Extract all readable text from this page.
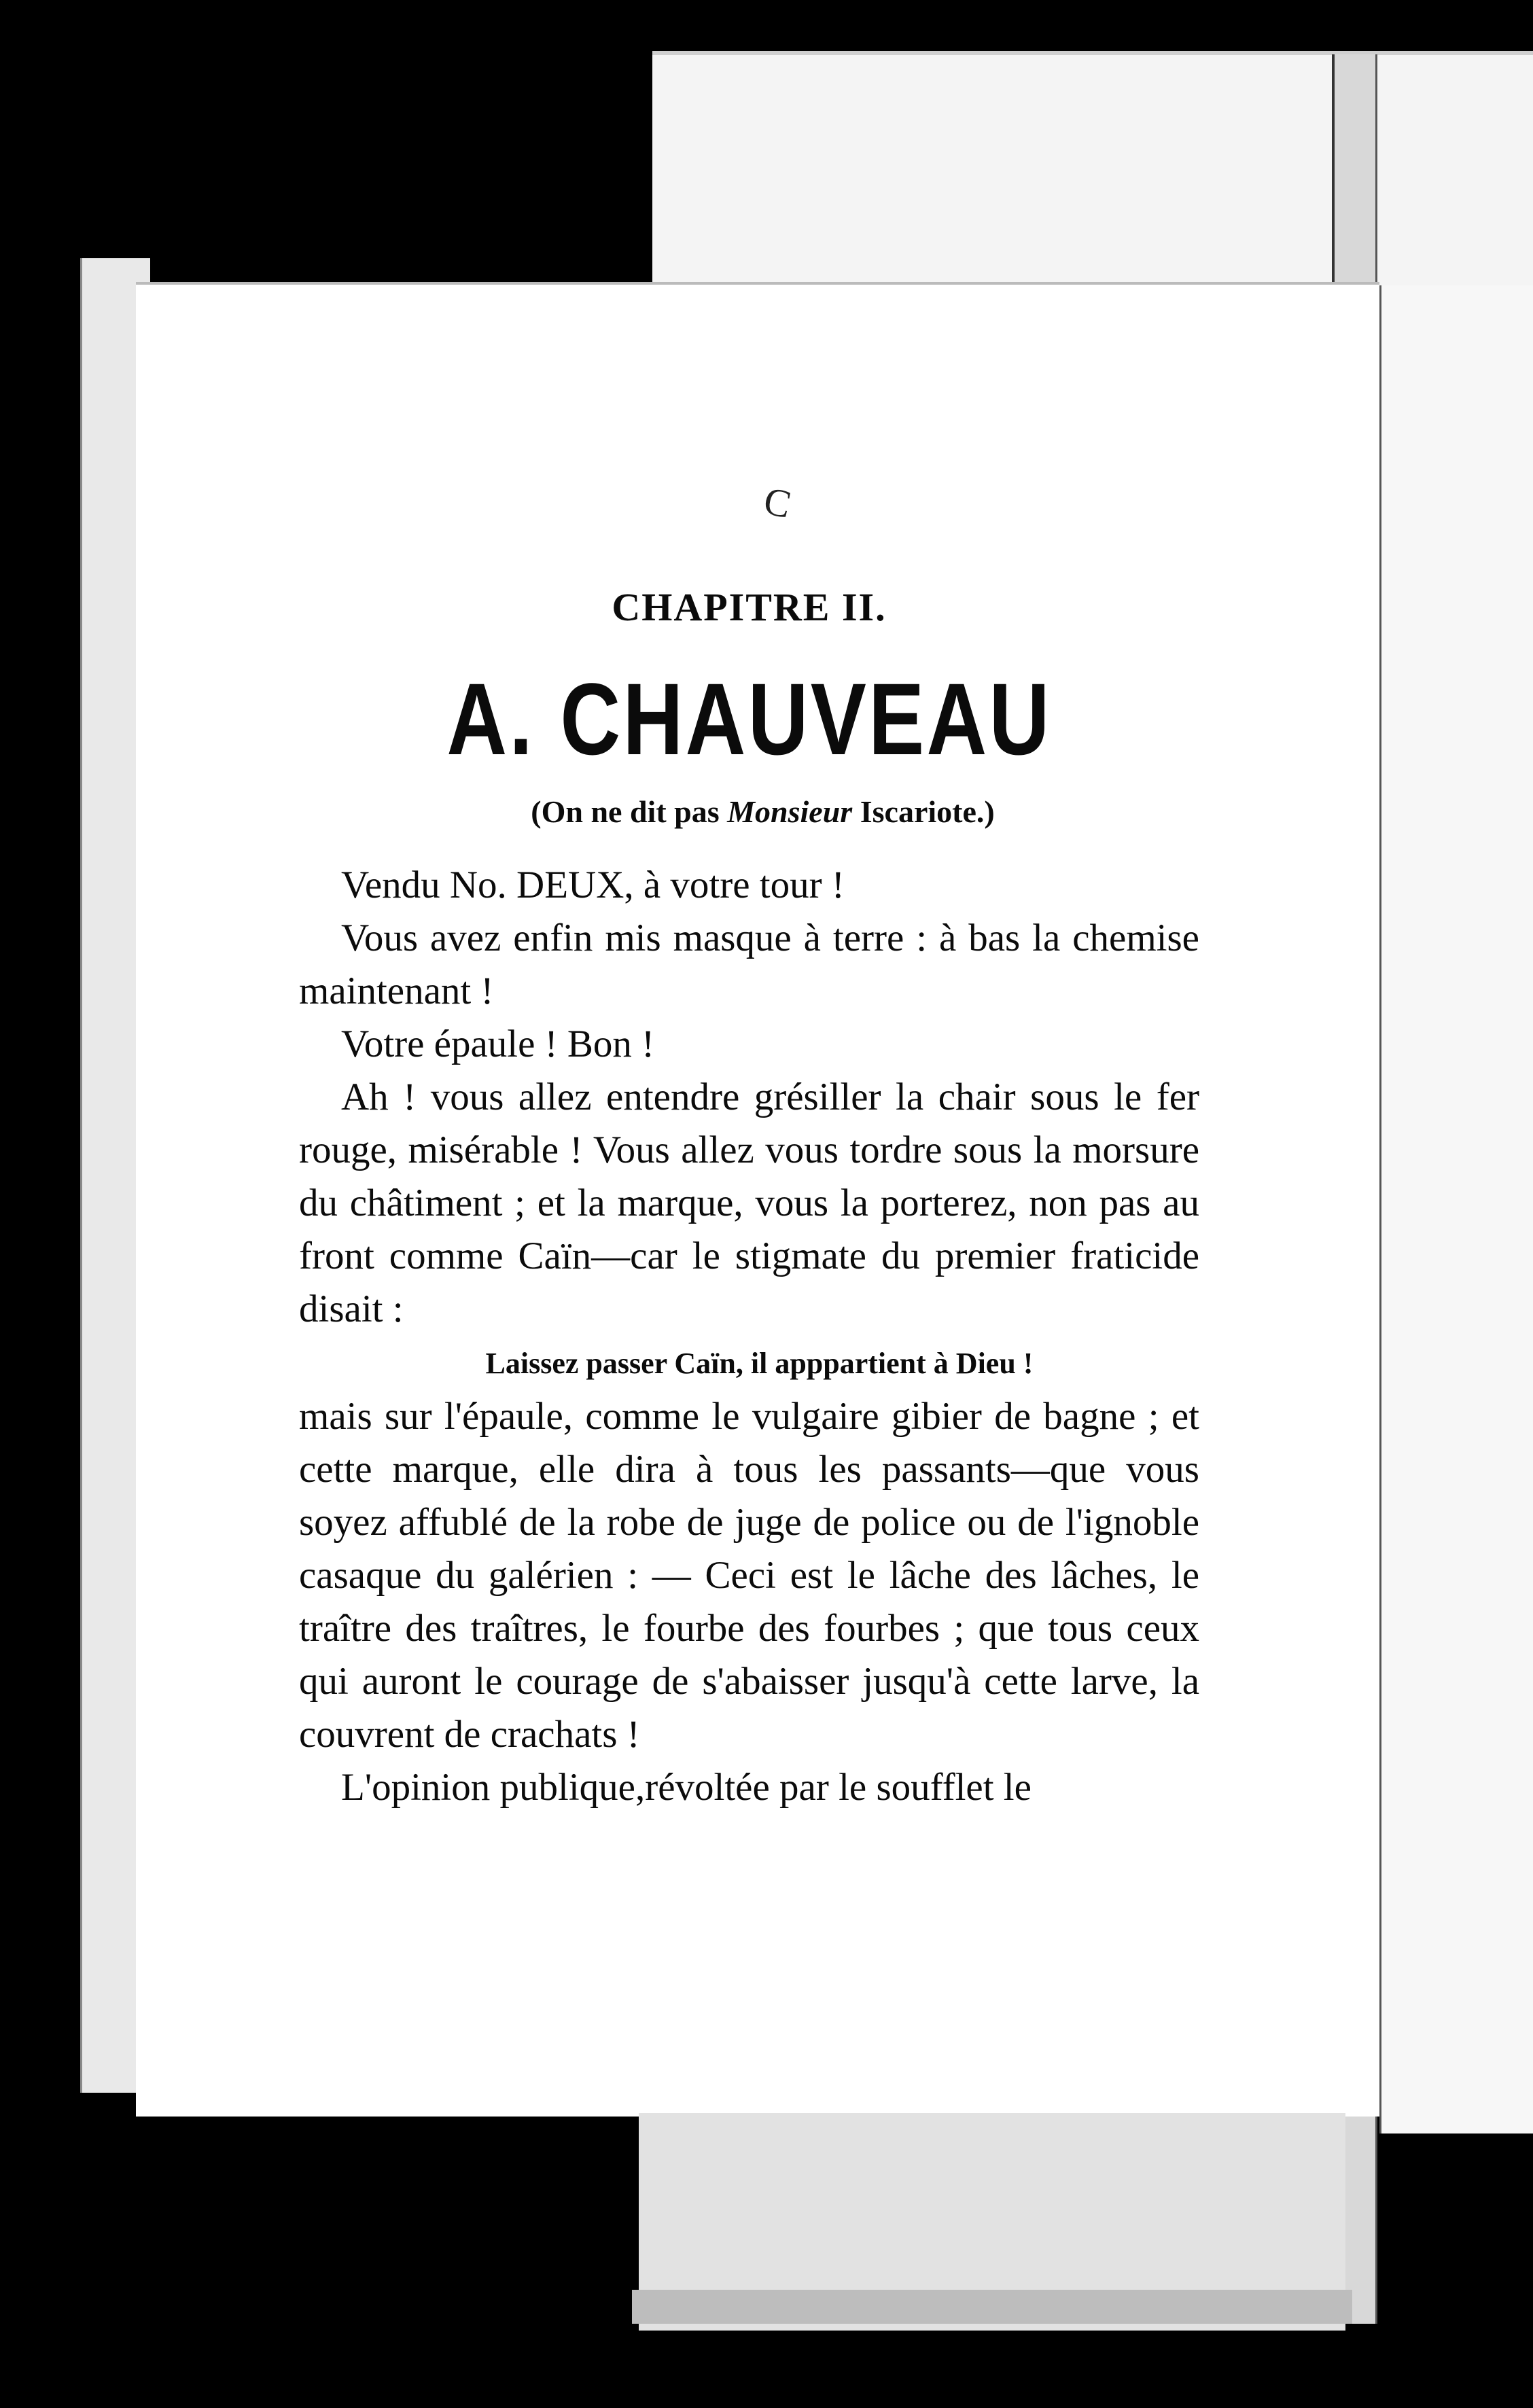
C
CHAPITRE II.
A. CHAUVEAU
(On ne dit pas Monsieur Iscariote.)

Vendu No. DEUX, à votre tour !

Vous avez enfin mis masque à terre : à bas la chemise maintenant !

Votre épaule ! Bon !

Ah ! vous allez entendre grésiller la chair sous le fer rouge, misérable ! Vous allez vous tordre sous la morsure du châtiment ; et la marque, vous la porterez, non pas au front comme Caïn—car le stigmate du premier fraticide disait :

Laissez passer Caïn, il apppartient à Dieu !

mais sur l'épaule, comme le vulgaire gibier de bagne ; et cette marque, elle dira à tous les passants—que vous soyez affublé de la robe de juge de police ou de l'ignoble casaque du galérien : — Ceci est le lâche des lâches, le traître des traîtres, le fourbe des fourbes ; que tous ceux qui auront le courage de s'abaisser jusqu'à cette larve, la couvrent de crachats !

L'opinion publique,révoltée par le soufflet le
